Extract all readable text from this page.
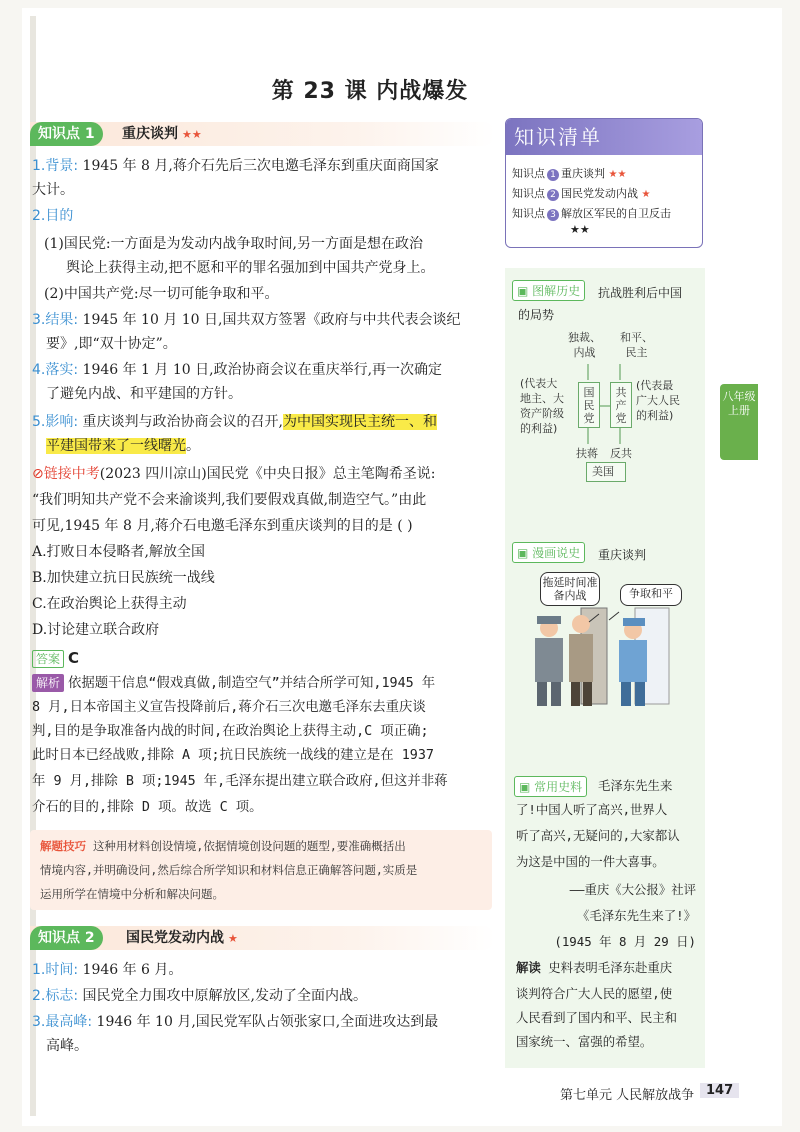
第 23 课 内战爆发
知识点 1	重庆谈判 ★★
1.背景: 1945 年 8 月,蒋介石先后三次电邀毛泽东到重庆面商国家
大计。
2.目的
(1)国民党:一方面是为发动内战争取时间,另一方面是想在政治
舆论上获得主动,把不愿和平的罪名强加到中国共产党身上。
(2)中国共产党:尽一切可能争取和平。
3.结果: 1945 年 10 月 10 日,国共双方签署《政府与中共代表会谈纪
要》,即“双十协定”。
4.落实: 1946 年 1 月 10 日,政治协商会议在重庆举行,再一次确定
了避免内战、和平建国的方针。
5.影响: 重庆谈判与政治协商会议的召开,为中国实现民主统一、和
平建国带来了一线曙光。
⊘链接中考(2023 四川凉山)国民党《中央日报》总主笔陶希圣说:
“我们明知共产党不会来渝谈判,我们要假戏真做,制造空气。”由此
可见,1945 年 8 月,蒋介石电邀毛泽东到重庆谈判的目的是 ( )
A.打败日本侵略者,解放全国
B.加快建立抗日民族统一战线
C.在政治舆论上获得主动
D.讨论建立联合政府
答案 C
解析 依据题干信息“假戏真做,制造空气”并结合所学可知,1945 年
8 月,日本帝国主义宣告投降前后,蒋介石三次电邀毛泽东去重庆谈
判,目的是争取准备内战的时间,在政治舆论上获得主动,C 项正确;
此时日本已经战败,排除 A 项;抗日民族统一战线的建立是在 1937
年 9 月,排除 B 项;1945 年,毛泽东提出建立联合政府,但这并非蒋
介石的目的,排除 D 项。故选 C 项。
解题技巧 这种用材料创设情境,依据情境创设问题的题型,要准确概括出
情境内容,并明确设问,然后综合所学知识和材料信息正确解答问题,实质是
运用所学在情境中分析和解决问题。
知识点 2	国民党发动内战 ★
1.时间: 1946 年 6 月。
2.标志: 国民党全力围攻中原解放区,发动了全面内战。
3.最高峰: 1946 年 10 月,国民党军队占领张家口,全面进攻达到最
高峰。
知识清单
知识点 1 重庆谈判 ★★
知识点 2 国民党发动内战 ★
知识点 3 解放区军民的自卫反击
★★
▣ 图解历史	抗战胜利后中国
的局势
独裁、
内战
和平、
民主
(代表大
地主、大
资产阶级
的利益)
(代表最
广大人民
的利益)
国民党
共产党
扶蒋 反共
美国
▣ 漫画说史	重庆谈判
拖延时间准备内战	争取和平
▣ 常用史料	毛泽东先生来
了!中国人听了高兴,世界人
听了高兴,无疑问的,大家都认
为这是中国的一件大喜事。
——重庆《大公报》社评
《毛泽东先生来了!》
(1945 年 8 月 29 日)
解读 史料表明毛泽东赴重庆
谈判符合广大人民的愿望,使
人民看到了国内和平、民主和
国家统一、富强的希望。
八年级上册
第七单元 人民解放战争 147
